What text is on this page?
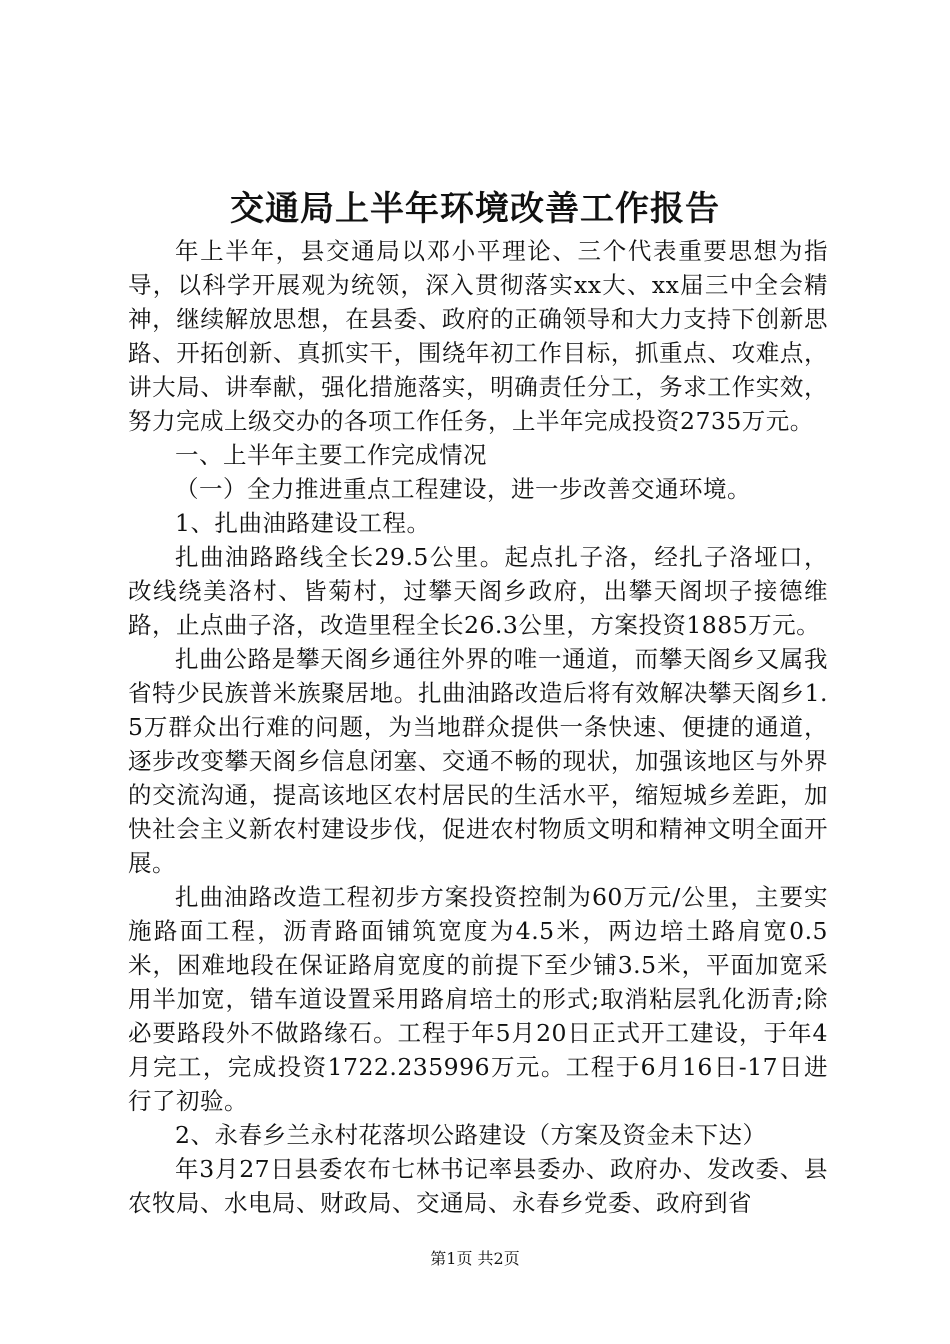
交通局上半年环境改善工作报告

年上半年，县交通局以邓小平理论、三个代表重要思想为指导，以科学开展观为统领，深入贯彻落实xx大、xx届三中全会精神，继续解放思想，在县委、政府的正确领导和大力支持下创新思路、开拓创新、真抓实干，围绕年初工作目标，抓重点、攻难点，讲大局、讲奉献，强化措施落实，明确责任分工，务求工作实效，努力完成上级交办的各项工作任务，上半年完成投资2735万元。

一、上半年主要工作完成情况

（一）全力推进重点工程建设，进一步改善交通环境。

1、扎曲油路建设工程。

扎曲油路路线全长29.5公里。起点扎子洛，经扎子洛垭口，改线绕美洛村、皆菊村，过攀天阁乡政府，出攀天阁坝子接德维路，止点曲子洛，改造里程全长26.3公里，方案投资1885万元。

扎曲公路是攀天阁乡通往外界的唯一通道，而攀天阁乡又属我省特少民族普米族聚居地。扎曲油路改造后将有效解决攀天阁乡1.5万群众出行难的问题，为当地群众提供一条快速、便捷的通道，逐步改变攀天阁乡信息闭塞、交通不畅的现状，加强该地区与外界的交流沟通，提高该地区农村居民的生活水平，缩短城乡差距，加快社会主义新农村建设步伐，促进农村物质文明和精神文明全面开展。

扎曲油路改造工程初步方案投资控制为60万元/公里，主要实施路面工程，沥青路面铺筑宽度为4.5米，两边培土路肩宽0.5米，困难地段在保证路肩宽度的前提下至少铺3.5米，平面加宽采用半加宽，错车道设置采用路肩培土的形式;取消粘层乳化沥青;除必要路段外不做路缘石。工程于年5月20日正式开工建设，于年4月完工，完成投资1722.235996万元。工程于6月16日-17日进行了初验。

2、永春乡兰永村花落坝公路建设（方案及资金未下达）

年3月27日县委农布七林书记率县委办、政府办、发改委、县农牧局、水电局、财政局、交通局、永春乡党委、政府到省

第1页 共2页
